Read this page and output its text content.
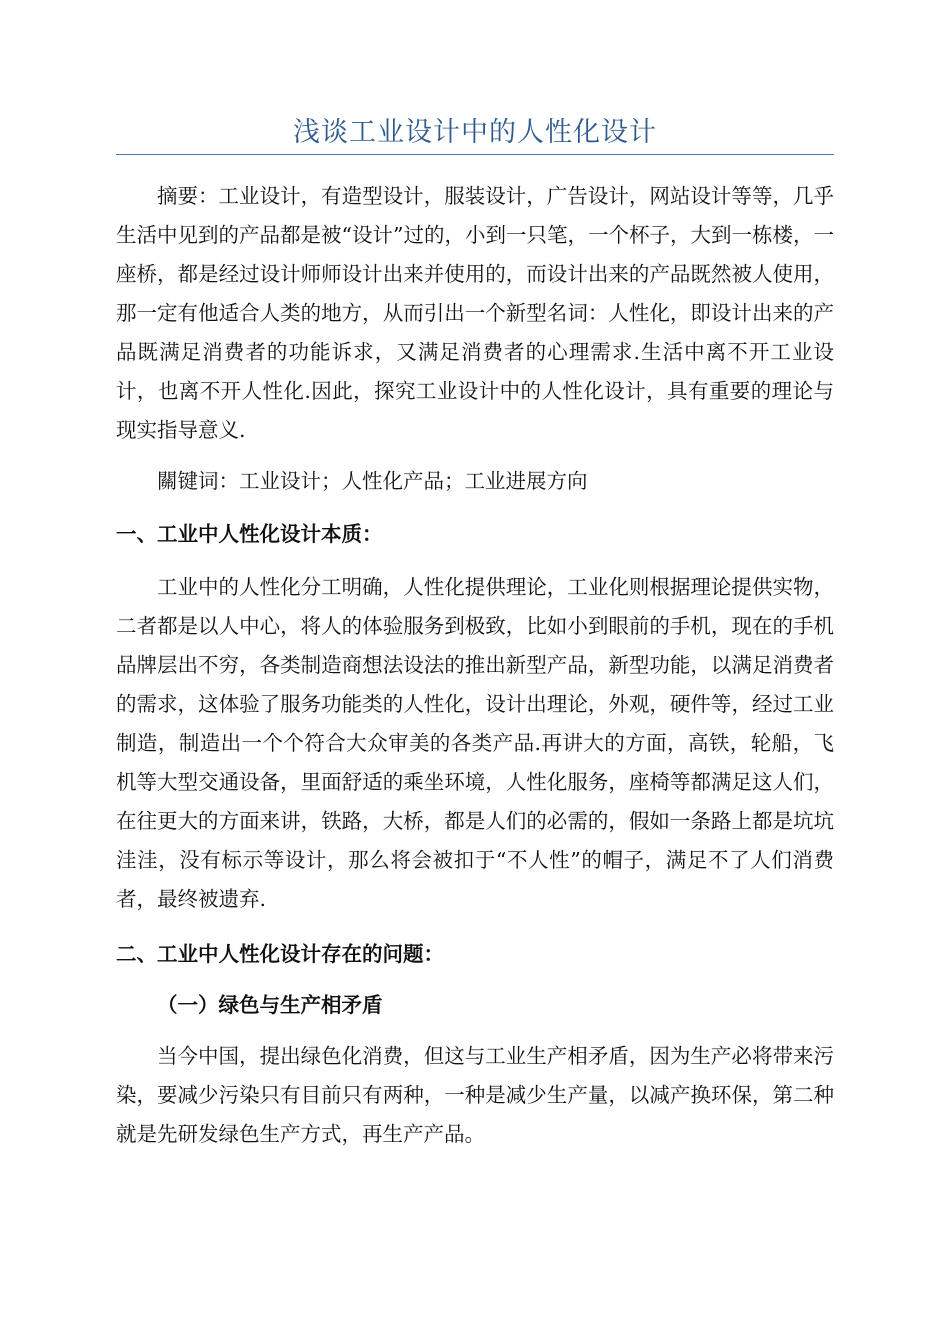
浅谈工业设计中的人性化设计

摘要：工业设计，有造型设计，服装设计，广告设计，网站设计等等，几乎生活中见到的产品都是被“设计”过的，小到一只笔，一个杯子，大到一栋楼，一座桥，都是经过设计师师设计出来并使用的，而设计出来的产品既然被人使用，那一定有他适合人类的地方，从而引出一个新型名词：人性化，即设计出来的产品既满足消费者的功能诉求，又满足消费者的心理需求.生活中离不开工业设计，也离不开人性化.因此，探究工业设计中的人性化设计，具有重要的理论与现实指导意义.

關键词：工业设计；人性化产品；工业进展方向

一、工业中人性化设计本质：

工业中的人性化分工明确，人性化提供理论，工业化则根据理论提供实物，二者都是以人中心，将人的体验服务到极致，比如小到眼前的手机，现在的手机品牌层出不穷，各类制造商想法设法的推出新型产品，新型功能，以满足消费者的需求，这体验了服务功能类的人性化，设计出理论，外观，硬件等，经过工业制造，制造出一个个符合大众审美的各类产品.再讲大的方面，高铁，轮船，飞机等大型交通设备，里面舒适的乘坐环境，人性化服务，座椅等都满足这人们，在往更大的方面来讲，铁路，大桥，都是人们的必需的，假如一条路上都是坑坑洼洼，没有标示等设计，那么将会被扣于“不人性”的帽子，满足不了人们消费者，最终被遗弃.

二、工业中人性化设计存在的问题：
（一）绿色与生产相矛盾

当今中国，提出绿色化消费，但这与工业生产相矛盾，因为生产必将带来污染，要减少污染只有目前只有两种，一种是减少生产量，以减产换环保，第二种就是先研发绿色生产方式，再生产产品。
